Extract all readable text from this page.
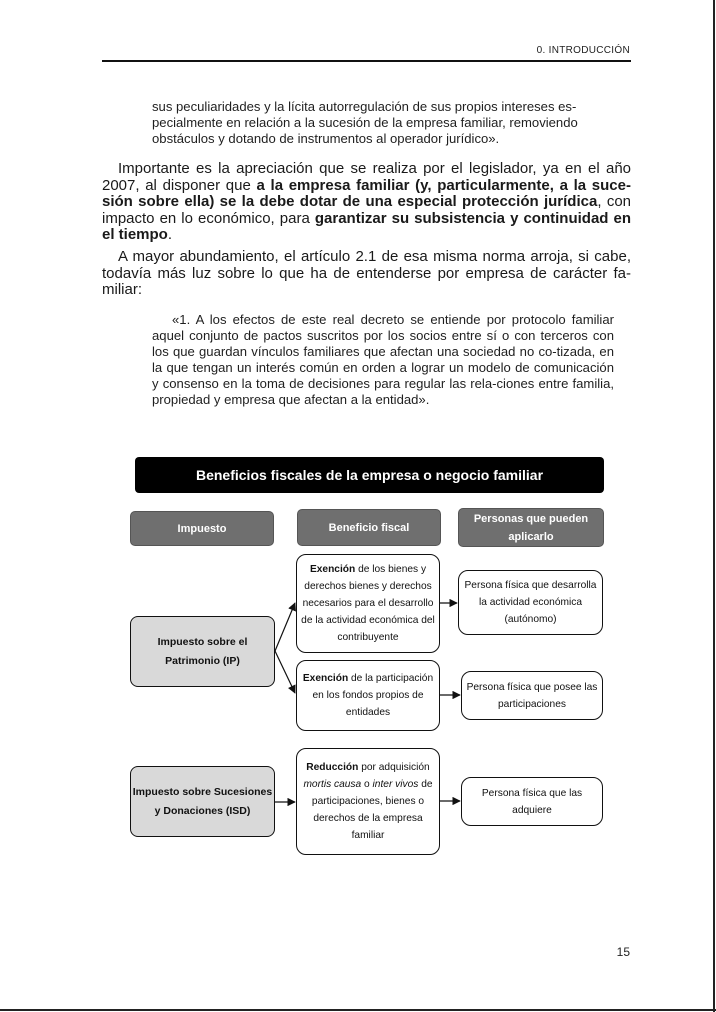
0. INTRODUCCIÓN

sus peculiaridades y la lícita autorregulación de sus propios intereses es-

pecialmente en relación a la sucesión de la empresa familiar, removiendo

obstáculos y dotando de instrumentos al operador jurídico».

Importante es la apreciación que se realiza por el legislador, ya en el año 2007, al disponer que a la empresa familiar (y, particularmente, a la suce-sión sobre ella) se la debe dotar de una especial protección jurídica, con impacto en lo económico, para garantizar su subsistencia y continuidad en el tiempo.

A mayor abundamiento, el artículo 2.1 de esa misma norma arroja, si cabe, todavía más luz sobre lo que ha de entenderse por empresa de carácter fa-miliar:

«1. A los efectos de este real decreto se entiende por protocolo familiar aquel conjunto de pactos suscritos por los socios entre sí o con terceros con los que guardan vínculos familiares que afectan una sociedad no co-tizada, en la que tengan un interés común en orden a lograr un modelo de comunicación y consenso en la toma de decisiones para regular las rela-ciones entre familia, propiedad y empresa que afectan a la entidad».

Beneficios fiscales de la empresa o negocio familiar
Impuesto	Beneficio fiscal
Personas que pueden aplicarlo
Impuesto sobre el Patrimonio (IP)
Impuesto sobre Sucesiones y Donaciones (ISD)
Exención de los bienes y derechos bienes y derechos necesarios para el desarrollo de la actividad económica del contribuyente
Exención de la participación en los fondos propios de entidades
Reducción por adquisición mortis causa o inter vivos de participaciones, bienes o derechos de la empresa familiar
Persona física que desarrolla la actividad económica (autónomo)
Persona física que posee las participaciones
Persona física que las adquiere
15
